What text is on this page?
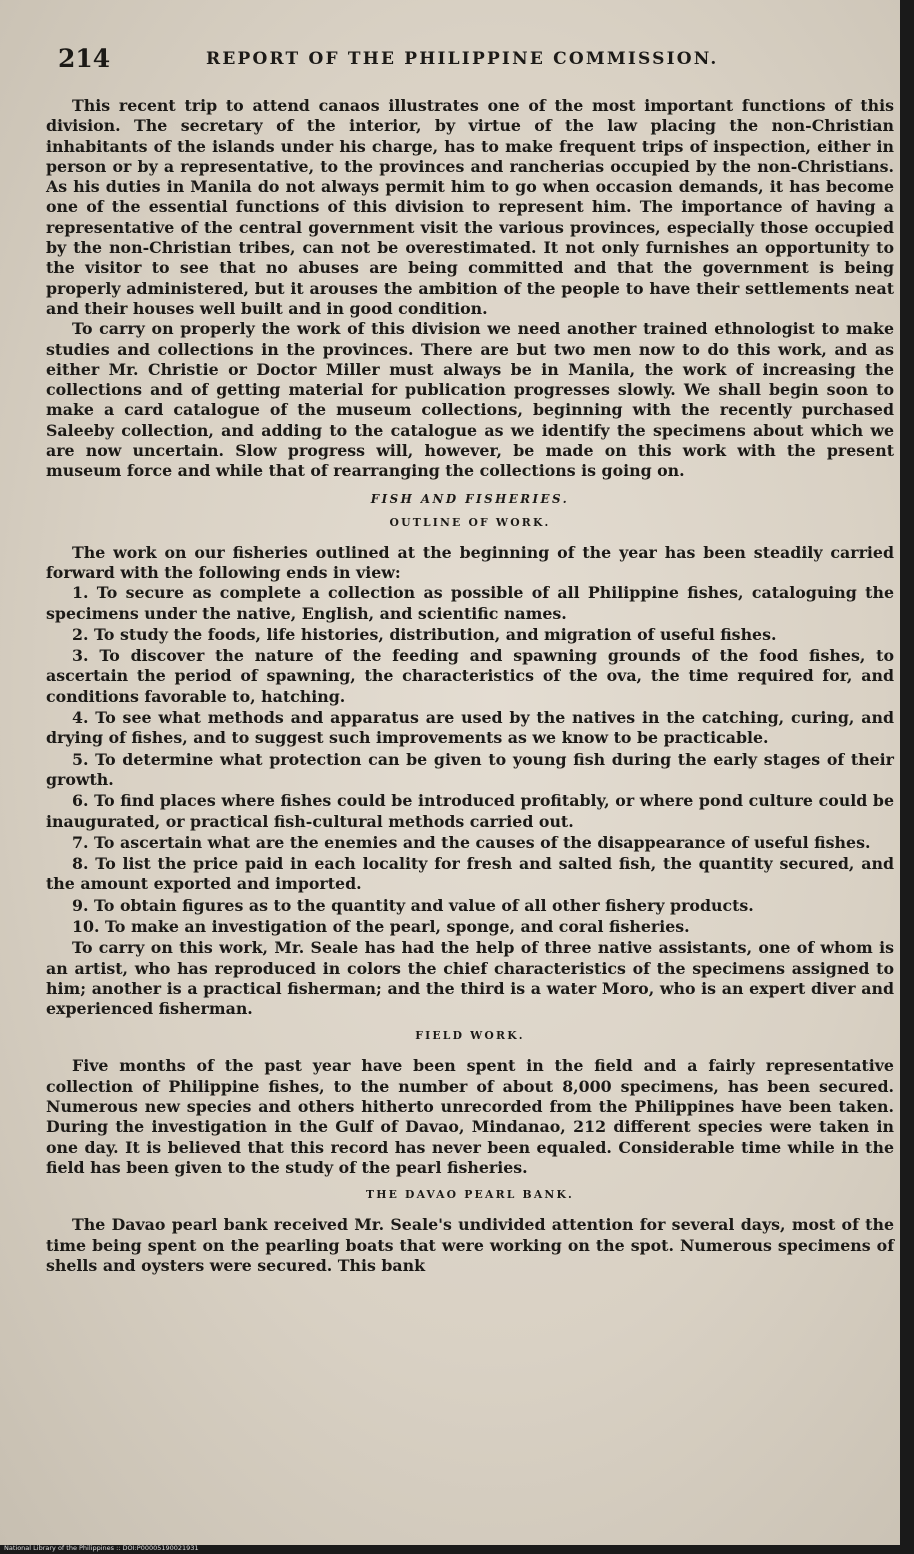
214	REPORT OF THE PHILIPPINE COMMISSION.

This recent trip to attend canaos illustrates one of the most important functions of this division. The secretary of the interior, by virtue of the law placing the non-Christian inhabitants of the islands under his charge, has to make frequent trips of inspection, either in person or by a representative, to the provinces and rancherias occupied by the non-Christians. As his duties in Manila do not always permit him to go when occasion demands, it has become one of the essential functions of this division to represent him. The importance of having a representative of the central government visit the various provinces, especially those occupied by the non-Christian tribes, can not be overestimated. It not only furnishes an opportunity to the visitor to see that no abuses are being committed and that the government is being properly administered, but it arouses the ambition of the people to have their settlements neat and their houses well built and in good condition.

To carry on properly the work of this division we need another trained ethnologist to make studies and collections in the provinces. There are but two men now to do this work, and as either Mr. Christie or Doctor Miller must always be in Manila, the work of increasing the collections and of getting material for publication progresses slowly. We shall begin soon to make a card catalogue of the museum collections, beginning with the recently purchased Saleeby collection, and adding to the catalogue as we identify the specimens about which we are now uncertain. Slow progress will, however, be made on this work with the present museum force and while that of rearranging the collections is going on.

FISH AND FISHERIES.
OUTLINE OF WORK.

The work on our fisheries outlined at the beginning of the year has been steadily carried forward with the following ends in view:

1. To secure as complete a collection as possible of all Philippine fishes, cataloguing the specimens under the native, English, and scientific names.

2. To study the foods, life histories, distribution, and migration of useful fishes.

3. To discover the nature of the feeding and spawning grounds of the food fishes, to ascertain the period of spawning, the characteristics of the ova, the time required for, and conditions favorable to, hatching.

4. To see what methods and apparatus are used by the natives in the catching, curing, and drying of fishes, and to suggest such improvements as we know to be practicable.

5. To determine what protection can be given to young fish during the early stages of their growth.

6. To find places where fishes could be introduced profitably, or where pond culture could be inaugurated, or practical fish-cultural methods carried out.

7. To ascertain what are the enemies and the causes of the disappearance of useful fishes.

8. To list the price paid in each locality for fresh and salted fish, the quantity secured, and the amount exported and imported.

9. To obtain figures as to the quantity and value of all other fishery products.

10. To make an investigation of the pearl, sponge, and coral fisheries.

To carry on this work, Mr. Seale has had the help of three native assistants, one of whom is an artist, who has reproduced in colors the chief characteristics of the specimens assigned to him; another is a practical fisherman; and the third is a water Moro, who is an expert diver and experienced fisherman.

FIELD WORK.

Five months of the past year have been spent in the field and a fairly representative collection of Philippine fishes, to the number of about 8,000 specimens, has been secured. Numerous new species and others hitherto unrecorded from the Philippines have been taken. During the investigation in the Gulf of Davao, Mindanao, 212 different species were taken in one day. It is believed that this record has never been equaled. Considerable time while in the field has been given to the study of the pearl fisheries.

THE DAVAO PEARL BANK.

The Davao pearl bank received Mr. Seale's undivided attention for several days, most of the time being spent on the pearling boats that were working on the spot. Numerous specimens of shells and oysters were secured. This bank

National Library of the Philippines :: DOI:P00005190021931
